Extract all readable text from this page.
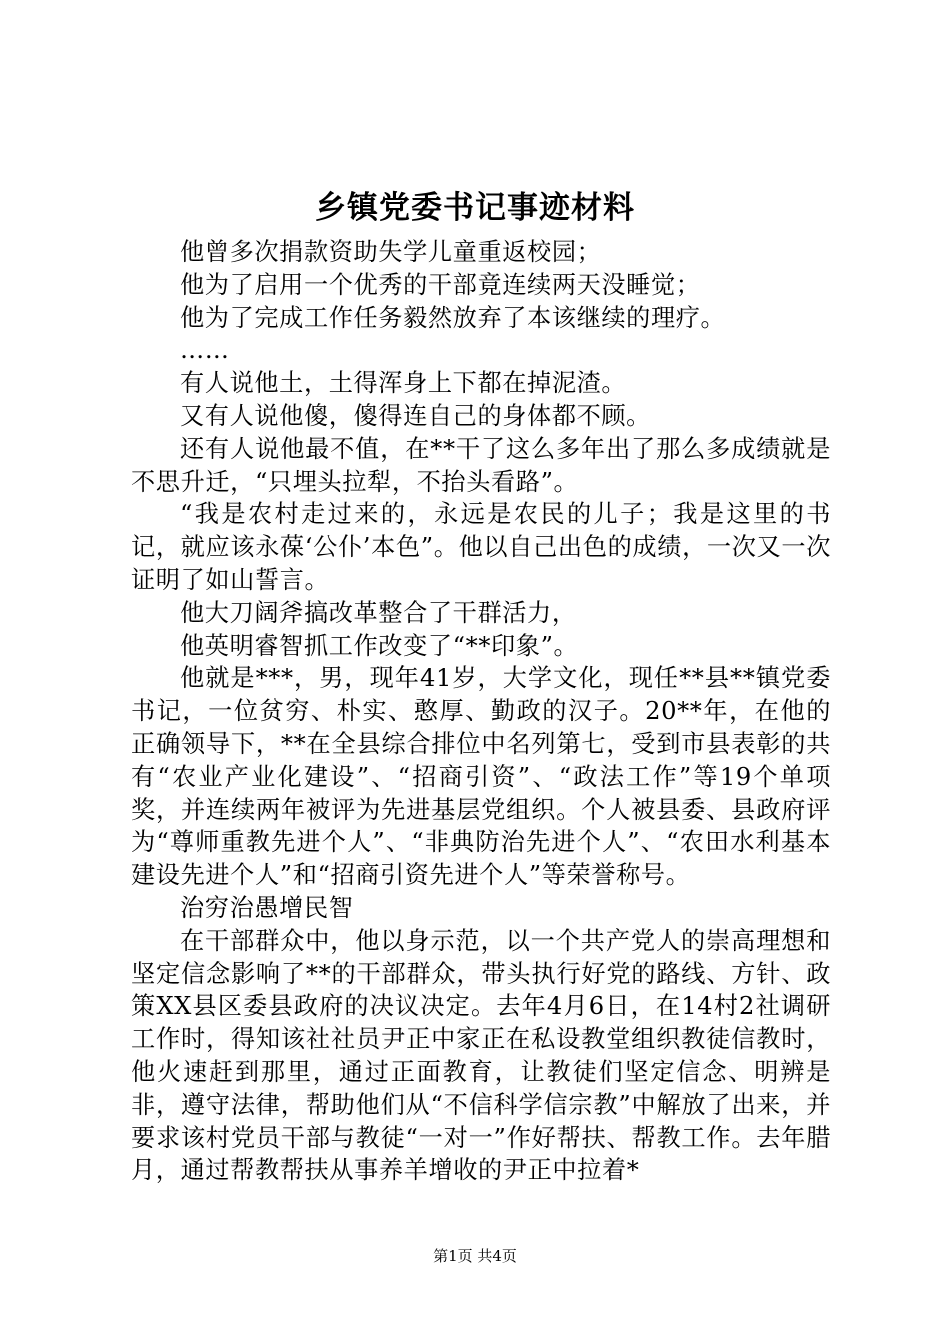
乡镇党委书记事迹材料

他曾多次捐款资助失学儿童重返校园；

他为了启用一个优秀的干部竟连续两天没睡觉；

他为了完成工作任务毅然放弃了本该继续的理疗。

……

有人说他土，土得浑身上下都在掉泥渣。

又有人说他傻，傻得连自己的身体都不顾。

还有人说他最不值，在**干了这么多年出了那么多成绩就是不思升迁，“只埋头拉犁，不抬头看路”。

“我是农村走过来的，永远是农民的儿子；我是这里的书记，就应该永葆‘公仆’本色”。他以自己出色的成绩，一次又一次证明了如山誓言。

他大刀阔斧搞改革整合了干群活力，

他英明睿智抓工作改变了“**印象”。

他就是***，男，现年41岁，大学文化，现任**县**镇党委书记，一位贫穷、朴实、憨厚、勤政的汉子。20**年，在他的正确领导下，**在全县综合排位中名列第七，受到市县表彰的共有“农业产业化建设”、“招商引资”、“政法工作”等19个单项奖，并连续两年被评为先进基层党组织。个人被县委、县政府评为“尊师重教先进个人”、“非典防治先进个人”、“农田水利基本建设先进个人”和“招商引资先进个人”等荣誉称号。

治穷治愚增民智

在干部群众中，他以身示范，以一个共产党人的崇高理想和坚定信念影响了**的干部群众，带头执行好党的路线、方针、政策XX县区委县政府的决议决定。去年4月6日，在14村2社调研工作时，得知该社社员尹正中家正在私设教堂组织教徒信教时，他火速赶到那里，通过正面教育，让教徒们坚定信念、明辨是非，遵守法律，帮助他们从“不信科学信宗教”中解放了出来，并要求该村党员干部与教徒“一对一”作好帮扶、帮教工作。去年腊月，通过帮教帮扶从事养羊增收的尹正中拉着*

第1页 共4页
